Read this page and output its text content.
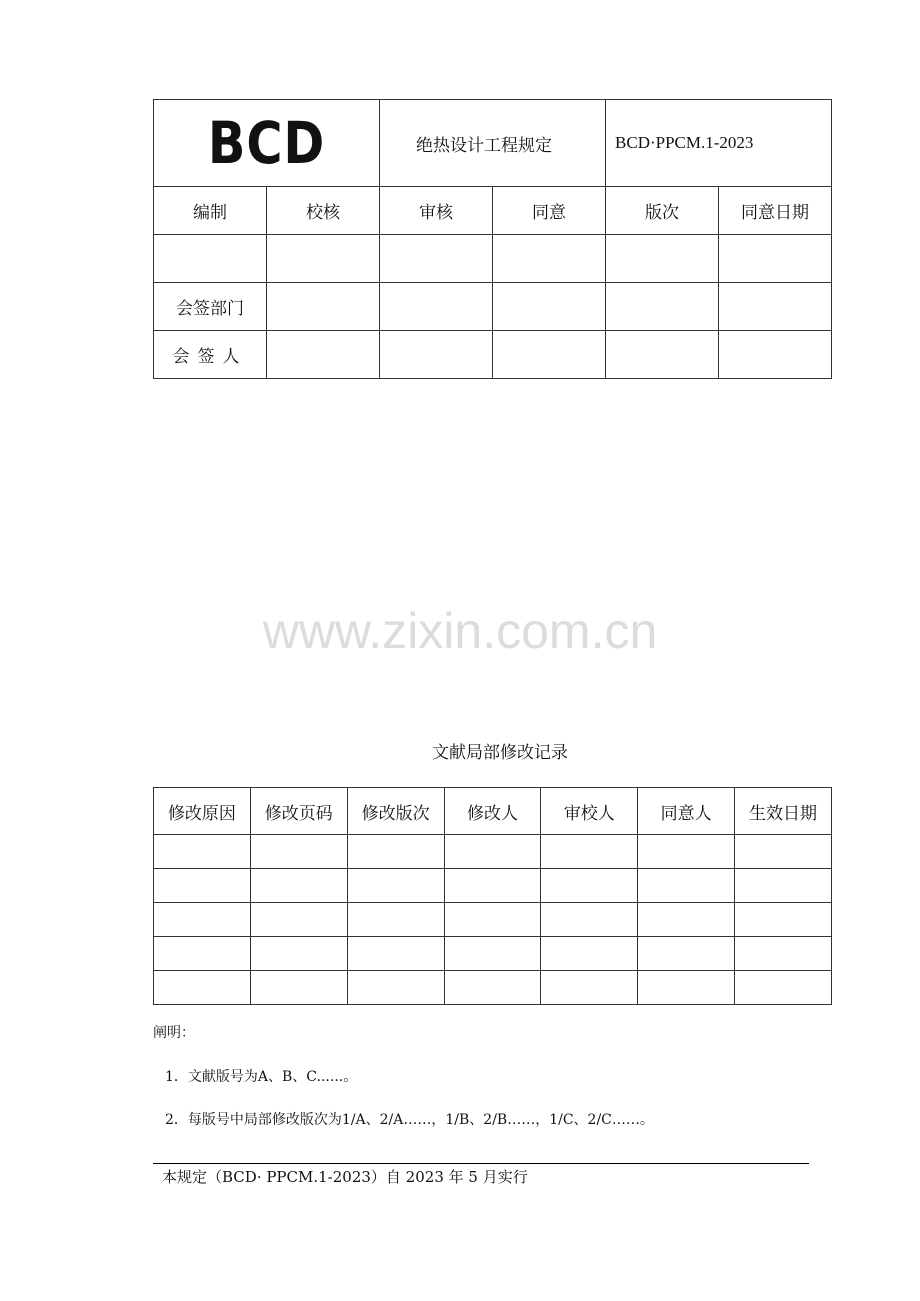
BCD		绝热设计工程规定		BCD·PPCM.1-2023	
编制	校核	审核	同意	版次	同意日期

会签部门					
会签人					
www.zixin.com.cn
文献局部修改记录
修改原因	修改页码	修改版次	修改人	审校人	同意人	生效日期

阐明：
1．文献版号为A、B、C......。
2．每版号中局部修改版次为1/A、2/A……，1/B、2/B……，1/C、2/C……。
本规定（BCD· PPCM.1-2023）自 2023 年 5 月实行
